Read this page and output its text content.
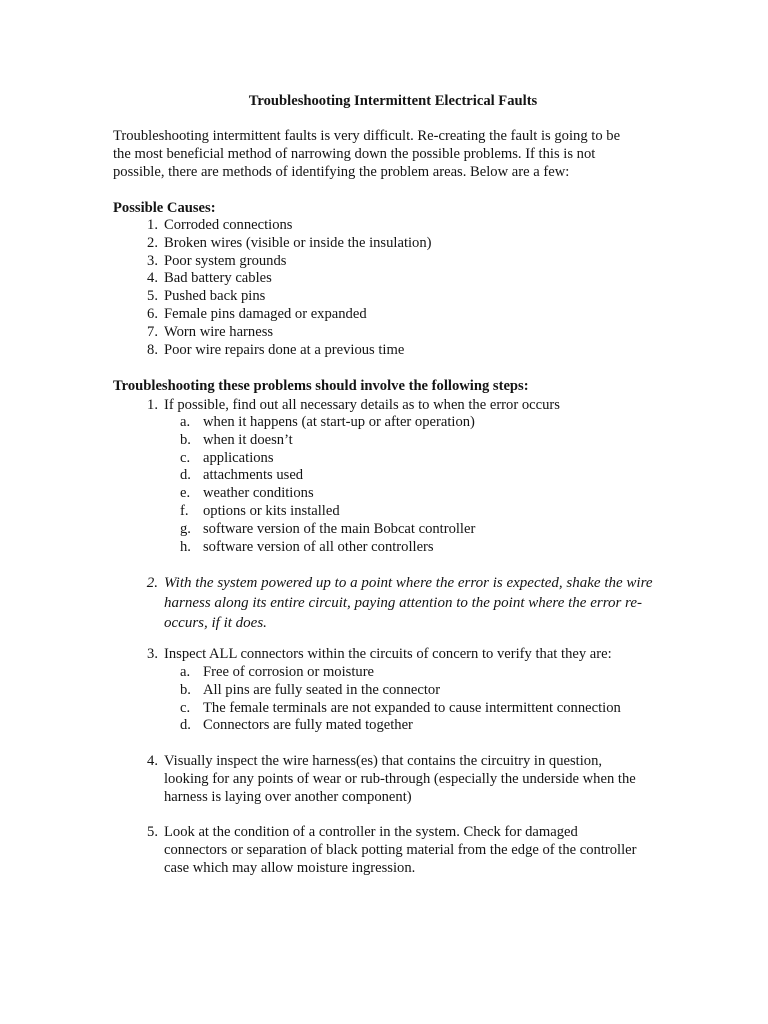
Troubleshooting Intermittent Electrical Faults
Troubleshooting intermittent faults is very difficult. Re-creating the fault is going to be
the most beneficial method of narrowing down the possible problems. If this is not
possible, there are methods of identifying the problem areas. Below are a few:
Possible Causes:
1. Corroded connections
2. Broken wires (visible or inside the insulation)
3. Poor system grounds
4. Bad battery cables
5. Pushed back pins
6. Female pins damaged or expanded
7. Worn wire harness
8. Poor wire repairs done at a previous time
Troubleshooting these problems should involve the following steps:
1. If possible, find out all necessary details as to when the error occurs
a. when it happens (at start-up or after operation)
b. when it doesn’t
c. applications
d. attachments used
e. weather conditions
f. options or kits installed
g. software version of the main Bobcat controller
h. software version of all other controllers
2. With the system powered up to a point where the error is expected, shake the wire
harness along its entire circuit, paying attention to the point where the error re-
occurs, if it does.
3. Inspect ALL connectors within the circuits of concern to verify that they are:
a. Free of corrosion or moisture
b. All pins are fully seated in the connector
c. The female terminals are not expanded to cause intermittent connection
d. Connectors are fully mated together
4. Visually inspect the wire harness(es) that contains the circuitry in question,
looking for any points of wear or rub-through (especially the underside when the
harness is laying over another component)
5. Look at the condition of a controller in the system. Check for damaged
connectors or separation of black potting material from the edge of the controller
case which may allow moisture ingression.
